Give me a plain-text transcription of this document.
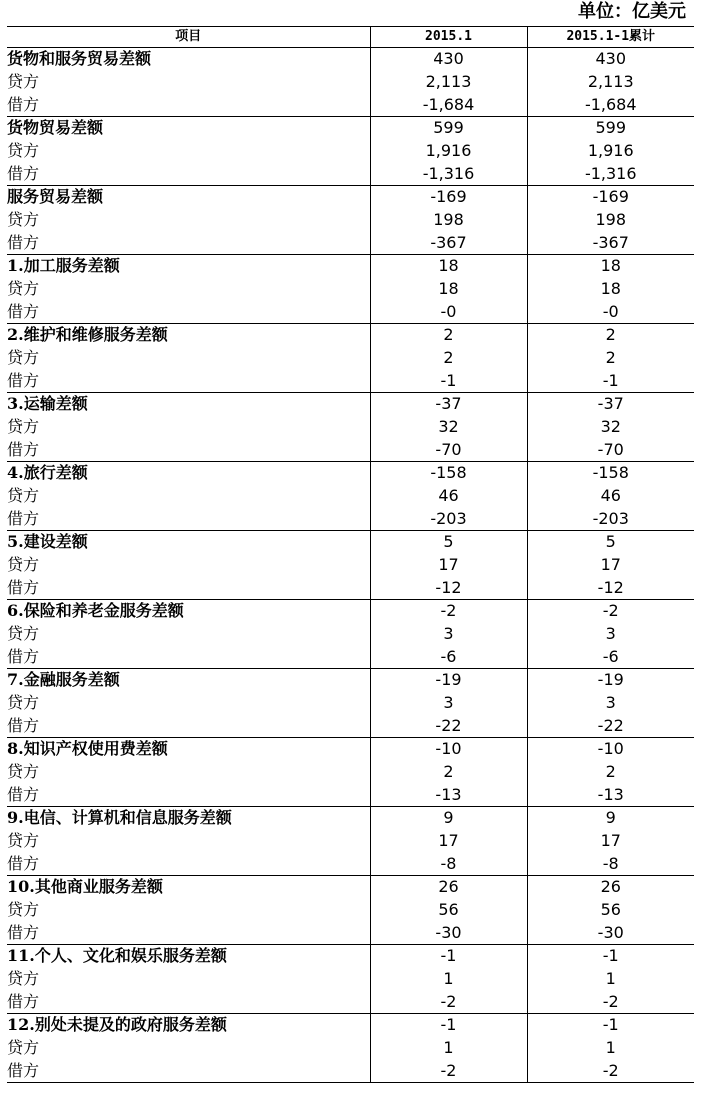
单位：亿美元
项目	2015.1	2015.1-1累计
货物和服务贸易差额	430	430
贷方	2,113	2,113
借方	-1,684	-1,684
货物贸易差额	599	599
贷方	1,916	1,916
借方	-1,316	-1,316
服务贸易差额	-169	-169
贷方	198	198
借方	-367	-367
1.加工服务差额	18	18
贷方	18	18
借方	-0	-0
2.维护和维修服务差额	2	2
贷方	2	2
借方	-1	-1
3.运输差额	-37	-37
贷方	32	32
借方	-70	-70
4.旅行差额	-158	-158
贷方	46	46
借方	-203	-203
5.建设差额	5	5
贷方	17	17
借方	-12	-12
6.保险和养老金服务差额	-2	-2
贷方	3	3
借方	-6	-6
7.金融服务差额	-19	-19
贷方	3	3
借方	-22	-22
8.知识产权使用费差额	-10	-10
贷方	2	2
借方	-13	-13
9.电信、计算机和信息服务差额	9	9
贷方	17	17
借方	-8	-8
10.其他商业服务差额	26	26
贷方	56	56
借方	-30	-30
11.个人、文化和娱乐服务差额	-1	-1
贷方	1	1
借方	-2	-2
12.别处未提及的政府服务差额	-1	-1
贷方	1	1
借方	-2	-2
